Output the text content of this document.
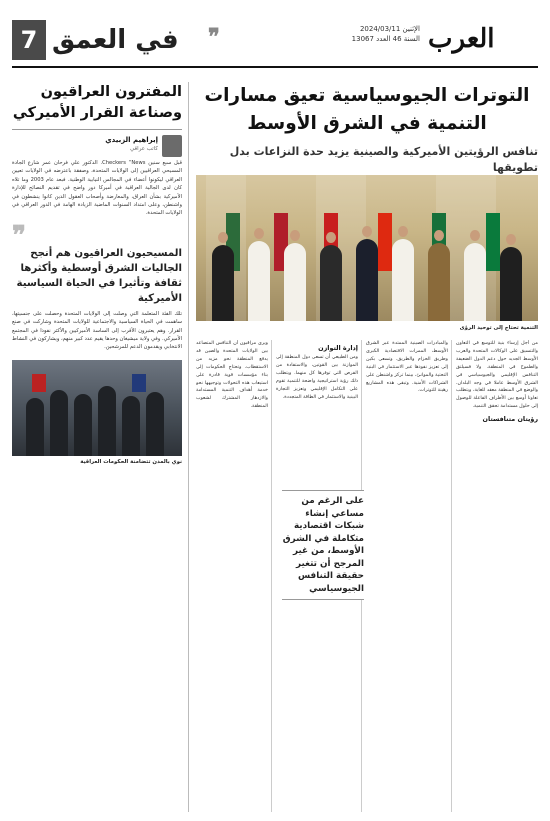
7 في العمق	❞	الإثنين 2024/03/11
السنة 46 العدد 13067 العرب
المفترون العراقيون وصناعة القرار الأميركي
إبراهيم الزبيدي
كاتب عراقي
قبل سبع سنين Checkers “News. الدكتور علي فرحان عمر شارع الجادة المسيحي العراقيين إلى الولايات المتحدة، وصفقة باعترضه في الولايات تعيين العراقي ليكونوا أعضاء في المجالس النيابية الوطنية. فبعد عام 2003 وما تلاه كان لدى الجالية العراقية في أميركا دور واضح في تقديم النصائح للإدارة الأميركية بشأن العراق، والمعارضة وأصحاب العقول الذين كانوا ينشطون في واشنطن، وعلى امتداد السنوات الماضية الزيادة الهامة في الدور العراقي في الولايات المتحدة.
❞
المسيحيون العراقيون هم أنجح الجاليات الشرق أوسطية وأكثرها ثقافة وتأثيرا في الحياة السياسية الأميركية
تلك الفئة المتعلمة التي وصلت إلى الولايات المتحدة وحصلت على جنسيتها، ساهمت في الحياة السياسية والاجتماعية للولايات المتحدة وشاركت في صنع القرار. وهم يعتبرون الأقرب إلى الساسة الأميركيين والأكثر نفوذا في المجتمع الأميركي. وفي ولاية ميشيغان وحدها يقيم عدد كبير منهم، ويشاركون في النشاط الانتخابي ويقدمون الدعم للمرشحين.
نوي بالمدن تتضامنة الحكومات العراقية
التوترات الجيوسياسية تعيق مسارات التنمية في الشرق الأوسط
تنافس الرؤيتين الأميركية والصينية يزيد حدة النزاعات بدل تطويقها
التنمية تحتاج إلى توحيد الرؤى
من أجل إرساء بنية للتوسع في التعاون والتنسيق على الوكالات المتحدة والعرب الأوسط الجديد حول دعم الدول الضعيفة والطموح في المنطقة. ولا فسيلتق التنافس الإقليمي والجيوسياسي في الشرق الأوسط عاملا في وجه البلدان. والوضع في المنطقة معقد للغاية، ويتطلب تعاونا أوسع بين الأطراف الفاعلة للوصول إلى حلول مستدامة تحقق التنمية.
رؤيتان متنافستان
والمبادرات الصينية الممتدة عبر الشرق الأوسط، الممرات الاقتصادية الكبرى وطريق الحزام والطريق. وتسعى بكين إلى تعزيز نفوذها عبر الاستثمار في البنية التحتية والموانئ، بينما تركز واشنطن على الشراكات الأمنية. وتبقى هذه المشاريع رهينة للتوترات.
إدارة التوازن
ومن الطبيعي أن تسعى دول المنطقة إلى الموازنة بين القوتين، والاستفادة من الفرص التي توفرها كل منهما. ويتطلب ذلك رؤية استراتيجية واضحة للتنمية تقوم على التكامل الإقليمي وتعزيز التجارة البينية والاستثمار في الطاقة المتجددة.
ويرى مراقبون أن التنافس المتصاعد بين الولايات المتحدة والصين قد يدفع المنطقة نحو مزيد من الاستقطاب. وتحتاج الحكومات إلى بناء مؤسسات قوية قادرة على استيعاب هذه التحولات وتوجيهها نحو خدمة أهداف التنمية المستدامة والازدهار المشترك لشعوب المنطقة.
على الرغم من مساعي إنشاء شبكات اقتصادية متكاملة في الشرق الأوسط، من غير المرجح أن تتغير حقيقة التنافس الجيوسياسي
